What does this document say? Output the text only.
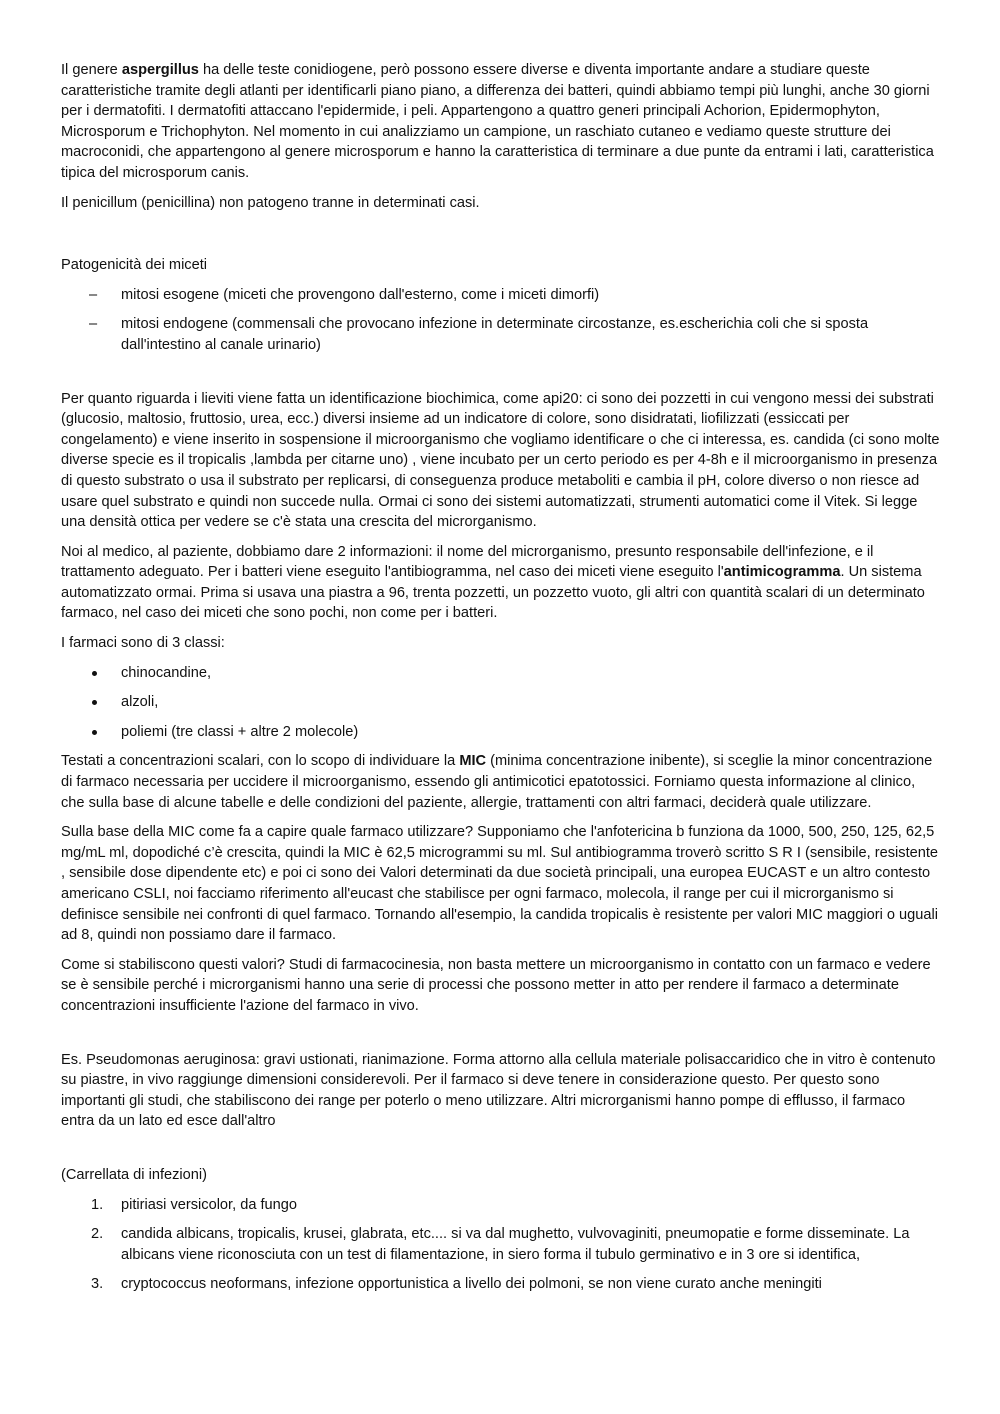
Il genere aspergillus ha delle teste conidiogene, però possono essere diverse e diventa importante andare a studiare queste caratteristiche tramite degli atlanti per identificarli piano piano, a differenza dei batteri, quindi abbiamo tempi più lunghi, anche 30 giorni per i dermatofiti. I dermatofiti attaccano l'epidermide, i peli. Appartengono a quattro generi principali Achorion, Epidermophyton, Microsporum e Trichophyton. Nel momento in cui analizziamo un campione, un raschiato cutaneo e vediamo queste strutture dei macroconidi, che appartengono al genere microsporum e hanno la caratteristica di terminare a due punte da entrami i lati, caratteristica tipica del microsporum canis.

Il penicillum (penicillina) non patogeno tranne in determinati casi.

Patogenicità dei miceti

– mitosi esogene (miceti che provengono dall'esterno, come i miceti dimorfi)
– mitosi endogene (commensali che provocano infezione in determinate circostanze, es.escherichia coli che si sposta dall'intestino al canale urinario)

Per quanto riguarda i lieviti viene fatta un identificazione biochimica, come api20: ci sono dei pozzetti in cui vengono messi dei substrati (glucosio, maltosio, fruttosio, urea, ecc.) diversi insieme ad un indicatore di colore, sono disidratati, liofilizzati (essiccati per congelamento) e viene inserito in sospensione il microorganismo che vogliamo identificare o che ci interessa, es. candida (ci sono molte diverse specie es il tropicalis ,lambda per citarne uno) , viene incubato per un certo periodo es per 4-8h e il microorganismo in presenza di questo substrato o usa il substrato per replicarsi, di conseguenza produce metaboliti e cambia il pH, colore diverso o non riesce ad usare quel substrato e quindi non succede nulla. Ormai ci sono dei sistemi automatizzati, strumenti automatici come il Vitek. Si legge una densità ottica per vedere se c'è stata una crescita del microrganismo.

Noi al medico, al paziente, dobbiamo dare 2 informazioni: il nome del microrganismo, presunto responsabile dell'infezione, e il trattamento adeguato. Per i batteri viene eseguito l'antibiogramma, nel caso dei miceti viene eseguito l'antimicogramma. Un sistema automatizzato ormai. Prima si usava una piastra a 96, trenta pozzetti, un pozzetto vuoto, gli altri con quantità scalari di un determinato farmaco, nel caso dei miceti che sono pochi, non come per i batteri.

I farmaci sono di 3 classi:

chinocandine,
alzoli,
poliemi (tre classi + altre 2 molecole)

Testati a concentrazioni scalari, con lo scopo di individuare la MIC (minima concentrazione inibente), si sceglie la minor concentrazione di farmaco necessaria per uccidere il microorganismo, essendo gli antimicotici epatotossici. Forniamo questa informazione al clinico, che sulla base di alcune tabelle e delle condizioni del paziente, allergie, trattamenti con altri farmaci, deciderà quale utilizzare.

Sulla base della MIC come fa a capire quale farmaco utilizzare? Supponiamo che l'anfotericina b funziona da 1000, 500, 250, 125, 62,5 mg/mL ml, dopodiché c’è crescita, quindi la MIC è 62,5 microgrammi su ml. Sul antibiogramma troverò scritto S R I (sensibile, resistente , sensibile dose dipendente etc) e poi ci sono dei Valori determinati da due società principali, una europea EUCAST e un altro contesto americano CSLI, noi facciamo riferimento all'eucast che stabilisce per ogni farmaco, molecola, il range per cui il microrganismo si definisce sensibile nei confronti di quel farmaco. Tornando all'esempio, la candida tropicalis è resistente per valori MIC maggiori o uguali ad 8, quindi non possiamo dare il farmaco.

Come si stabiliscono questi valori? Studi di farmacocinesia, non basta mettere un microorganismo in contatto con un farmaco e vedere se è sensibile perché i microrganismi hanno una serie di processi che possono metter in atto per rendere il farmaco a determinate concentrazioni insufficiente l'azione del farmaco in vivo.

Es. Pseudomonas aeruginosa: gravi ustionati, rianimazione. Forma attorno alla cellula materiale polisaccaridico che in vitro è contenuto su piastre, in vivo raggiunge dimensioni considerevoli. Per il farmaco si deve tenere in considerazione questo. Per questo sono importanti gli studi, che stabiliscono dei range per poterlo o meno utilizzare. Altri microrganismi hanno pompe di efflusso, il farmaco entra da un lato ed esce dall'altro

(Carrellata di infezioni)

1. pitiriasi versicolor, da fungo
2. candida albicans, tropicalis, krusei, glabrata, etc.... si va dal mughetto, vulvovaginiti, pneumopatie e forme disseminate. La albicans viene riconosciuta con un test di filamentazione, in siero forma il tubulo germinativo e in 3 ore si identifica,
3. cryptococcus neoformans, infezione opportunistica a livello dei polmoni, se non viene curato anche meningiti
